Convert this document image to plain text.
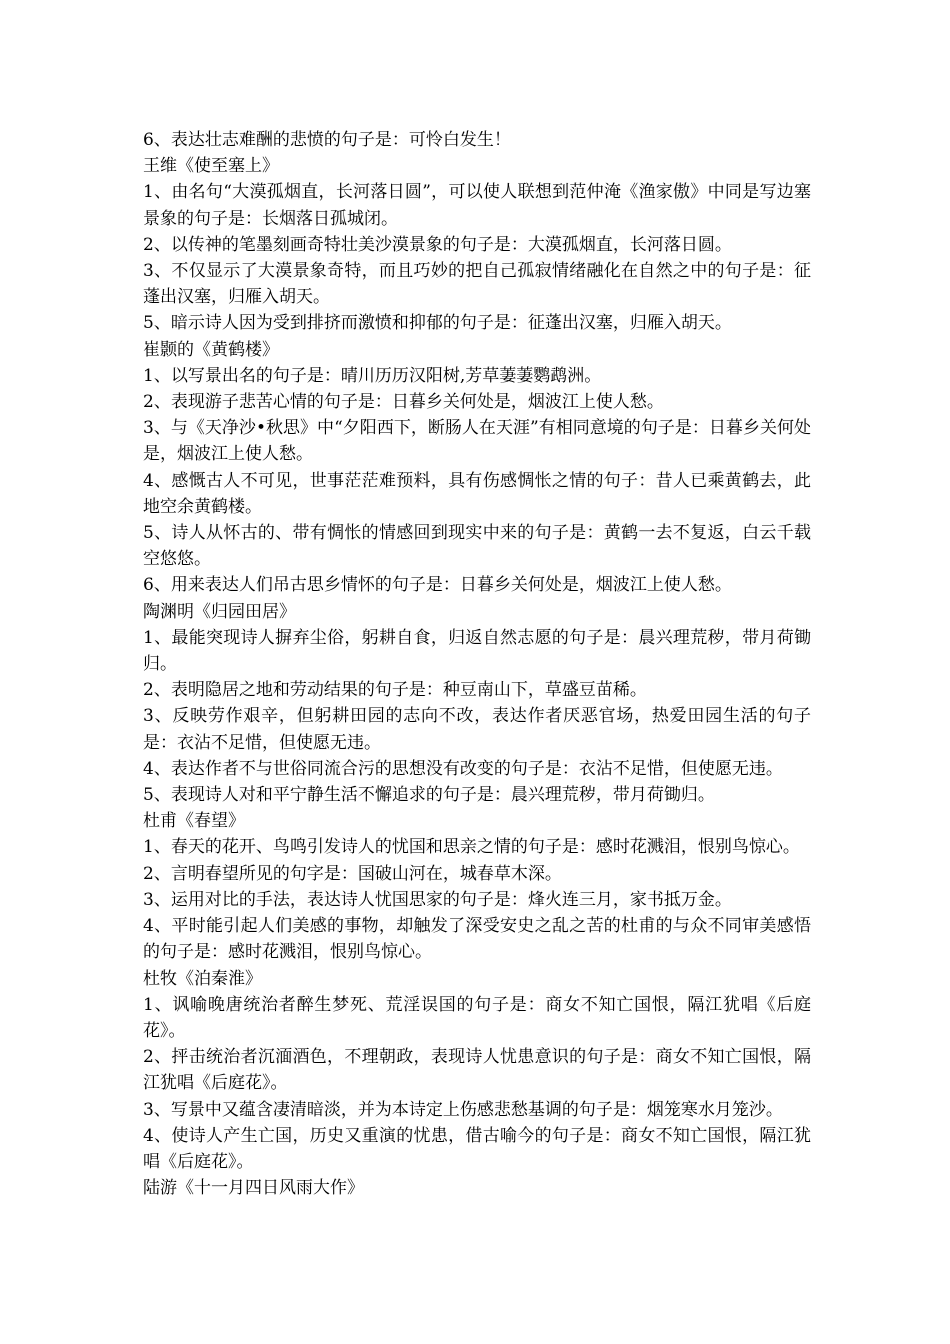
6、表达壮志难酬的悲愤的句子是：可怜白发生！

王维《使至塞上》

1、由名句“大漠孤烟直，长河落日圆”，可以使人联想到范仲淹《渔家傲》中同是写边塞景象的句子是：长烟落日孤城闭。

2、以传神的笔墨刻画奇特壮美沙漠景象的句子是：大漠孤烟直，长河落日圆。

3、不仅显示了大漠景象奇特，而且巧妙的把自己孤寂情绪融化在自然之中的句子是：征蓬出汉塞，归雁入胡天。

5、暗示诗人因为受到排挤而激愤和抑郁的句子是：征蓬出汉塞，归雁入胡天。

崔颢的《黄鹤楼》

1、以写景出名的句子是：晴川历历汉阳树,芳草萋萋鹦鹉洲。

2、表现游子悲苦心情的句子是：日暮乡关何处是，烟波江上使人愁。

3、与《天净沙•秋思》中“夕阳西下，断肠人在天涯”有相同意境的句子是：日暮乡关何处是，烟波江上使人愁。

4、感慨古人不可见，世事茫茫难预料，具有伤感惆怅之情的句子：昔人已乘黄鹤去，此地空余黄鹤楼。

5、诗人从怀古的、带有惆怅的情感回到现实中来的句子是：黄鹤一去不复返，白云千载空悠悠。

6、用来表达人们吊古思乡情怀的句子是：日暮乡关何处是，烟波江上使人愁。

陶渊明《归园田居》

1、最能突现诗人摒弃尘俗，躬耕自食，归返自然志愿的句子是：晨兴理荒秽，带月荷锄归。

2、表明隐居之地和劳动结果的句子是：种豆南山下，草盛豆苗稀。

3、反映劳作艰辛，但躬耕田园的志向不改，表达作者厌恶官场，热爱田园生活的句子是：衣沾不足惜，但使愿无违。

4、表达作者不与世俗同流合污的思想没有改变的句子是：衣沾不足惜，但使愿无违。

5、表现诗人对和平宁静生活不懈追求的句子是：晨兴理荒秽，带月荷锄归。

杜甫《春望》

1、春天的花开、鸟鸣引发诗人的忧国和思亲之情的句子是：感时花溅泪，恨别鸟惊心。

2、言明春望所见的句字是：国破山河在，城春草木深。

3、运用对比的手法，表达诗人忧国思家的句子是：烽火连三月，家书抵万金。

4、平时能引起人们美感的事物，却触发了深受安史之乱之苦的杜甫的与众不同审美感悟的句子是：感时花溅泪，恨别鸟惊心。

杜牧《泊秦淮》

1、讽喻晚唐统治者醉生梦死、荒淫误国的句子是：商女不知亡国恨，隔江犹唱《后庭花》。

2、抨击统治者沉湎酒色，不理朝政，表现诗人忧患意识的句子是：商女不知亡国恨，隔江犹唱《后庭花》。

3、写景中又蕴含凄清暗淡，并为本诗定上伤感悲愁基调的句子是：烟笼寒水月笼沙。

4、使诗人产生亡国，历史又重演的忧患，借古喻今的句子是：商女不知亡国恨，隔江犹唱《后庭花》。

陆游《十一月四日风雨大作》
